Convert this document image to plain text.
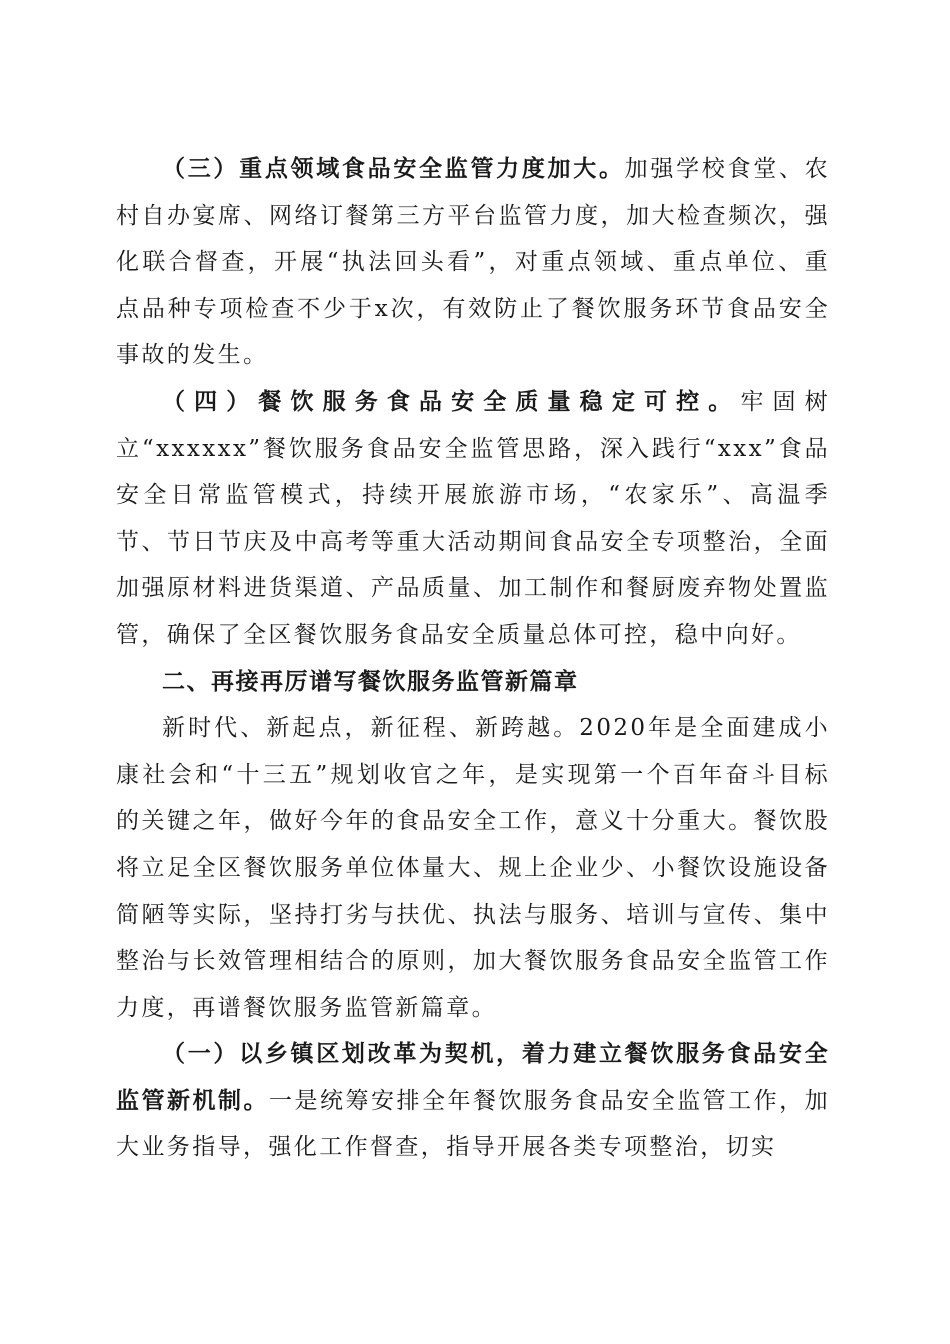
（三）重点领域食品安全监管力度加大。加强学校食堂、农村自办宴席、网络订餐第三方平台监管力度，加大检查频次，强化联合督查，开展“执法回头看”，对重点领域、重点单位、重点品种专项检查不少于x次，有效防止了餐饮服务环节食品安全事故的发生。

（四）餐饮服务食品安全质量稳定可控。牢固树立“xxxxxx”餐饮服务食品安全监管思路，深入践行“xxx”食品安全日常监管模式，持续开展旅游市场，“农家乐”、高温季节、节日节庆及中高考等重大活动期间食品安全专项整治，全面加强原材料进货渠道、产品质量、加工制作和餐厨废弃物处置监管，确保了全区餐饮服务食品安全质量总体可控，稳中向好。

二、再接再厉谱写餐饮服务监管新篇章

新时代、新起点，新征程、新跨越。2020年是全面建成小康社会和“十三五”规划收官之年，是实现第一个百年奋斗目标的关键之年，做好今年的食品安全工作，意义十分重大。餐饮股将立足全区餐饮服务单位体量大、规上企业少、小餐饮设施设备简陋等实际，坚持打劣与扶优、执法与服务、培训与宣传、集中整治与长效管理相结合的原则，加大餐饮服务食品安全监管工作力度，再谱餐饮服务监管新篇章。

（一）以乡镇区划改革为契机，着力建立餐饮服务食品安全监管新机制。一是统筹安排全年餐饮服务食品安全监管工作，加大业务指导，强化工作督查，指导开展各类专项整治，切实
